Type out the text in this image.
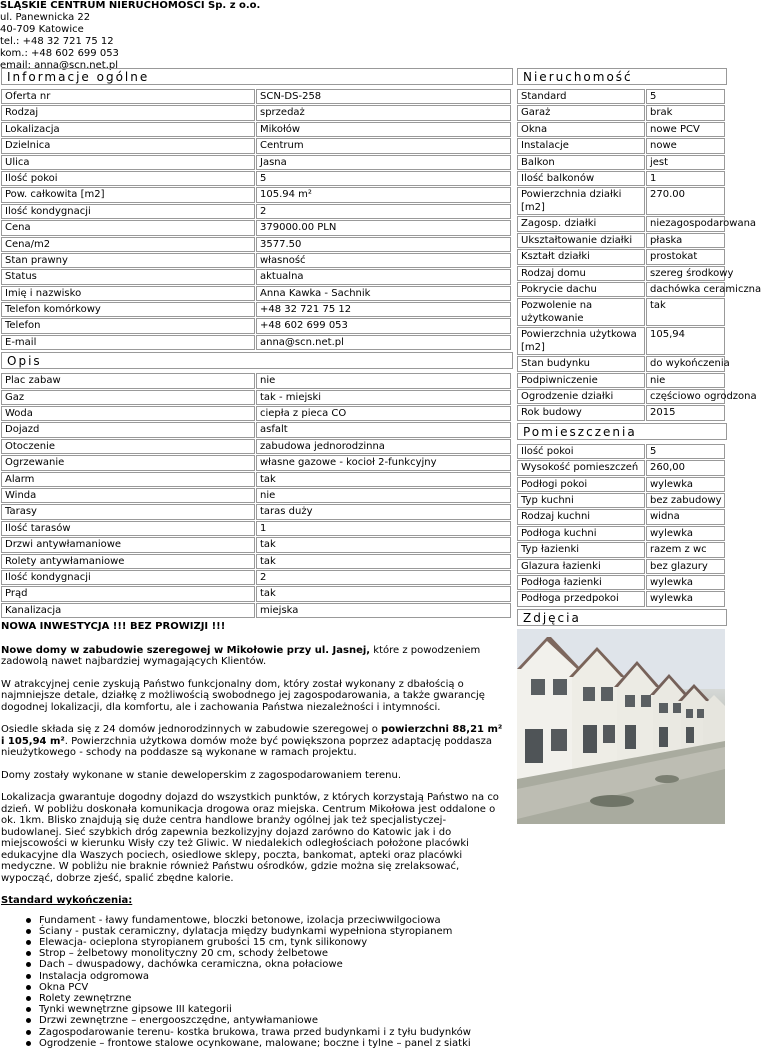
ŚLĄSKIE CENTRUM NIERUCHOMOŚCI Sp. z o.o.
ul. Panewnicka 22
40-709 Katowice
tel.: +48 32 721 75 12
kom.: +48 602 699 053
email: anna@scn.net.pl
Informacje ogólne
Oferta nr	SCN-DS-258
Rodzaj	sprzedaż
Lokalizacja	Mikołów
Dzielnica	Centrum
Ulica	Jasna
Ilość pokoi	5
Pow. całkowita [m2]	105.94 m²
Ilość kondygnacji	2
Cena	379000.00 PLN
Cena/m2	3577.50
Stan prawny	własność
Status	aktualna
Imię i nazwisko	Anna Kawka - Sachnik
Telefon komórkowy	+48 32 721 75 12
Telefon	+48 602 699 053
E-mail	anna@scn.net.pl
Opis
Plac zabaw	nie
Gaz	tak - miejski
Woda	ciepła z pieca CO
Dojazd	asfalt
Otoczenie	zabudowa jednorodzinna
Ogrzewanie	własne gazowe - kocioł 2-funkcyjny
Alarm	tak
Winda	nie
Tarasy	taras duży
Ilość tarasów	1
Drzwi antywłamaniowe	tak
Rolety antywłamaniowe	tak
Ilość kondygnacji	2
Prąd	tak
Kanalizacja	miejska

NOWA INWESTYCJA !!! BEZ PROWIZJI !!!

Nowe domy w zabudowie szeregowej w Mikołowie przy ul. Jasnej, które z powodzeniem zadowolą nawet najbardziej wymagających Klientów.

W atrakcyjnej cenie zyskują Państwo funkcjonalny dom, który został wykonany z dbałością o najmniejsze detale, działkę z możliwością swobodnego jej zagospodarowania, a także gwarancję dogodnej lokalizacji, dla komfortu, ale i zachowania Państwa niezależności i intymności.

Osiedle składa się z 24 domów jednorodzinnych w zabudowie szeregowej o powierzchni 88,21 m² i 105,94 m². Powierzchnia użytkowa domów może być powiększona poprzez adaptację poddasza nieużytkowego - schody na poddasze są wykonane w ramach projektu.

Domy zostały wykonane w stanie deweloperskim z zagospodarowaniem terenu.

Lokalizacja gwarantuje dogodny dojazd do wszystkich punktów, z których korzystają Państwo na co dzień. W pobliżu doskonała komunikacja drogowa oraz miejska. Centrum Mikołowa jest oddalone o ok. 1km. Blisko znajdują się duże centra handlowe branży ogólnej jak też specjalistyczej- budowlanej. Sieć szybkich dróg zapewnia bezkolizyjny dojazd zarówno do Katowic jak i do miejscowości w kierunku Wisły czy też Gliwic. W niedalekich odległościach położone placówki edukacyjne dla Waszych pociech, osiedlowe sklepy, poczta, bankomat, apteki oraz placówki medyczne. W pobliżu nie braknie również Państwu ośrodków, gdzie można się zrelaksować, wypocząć, dobrze zjeść, spalić zbędne kalorie.

Standard wykończenia:

Fundament - ławy fundamentowe, bloczki betonowe, izolacja przeciwwilgociowa
Ściany - pustak ceramiczny, dylatacja między budynkami wypełniona styropianem
Elewacja- ocieplona styropianem grubości 15 cm, tynk silikonowy
Strop – żelbetowy monolityczny 20 cm, schody żelbetowe
Dach – dwuspadowy, dachówka ceramiczna, okna połaciowe
Instalacja odgromowa
Okna PCV
Rolety zewnętrzne
Tynki wewnętrzne gipsowe III kategorii
Drzwi zewnętrzne – energooszczędne, antywłamaniowe
Zagospodarowanie terenu- kostka brukowa, trawa przed budynkami i z tyłu budynków
Ogrodzenie – frontowe stalowe ocynkowane, malowane; boczne i tylne – panel z siatki
Nieruchomość
Standard	5
Garaż	brak
Okna	nowe PCV
Instalacje	nowe
Balkon	jest
Ilość balkonów	1
Powierzchnia działki [m2]	270.00
Zagosp. działki	niezagospodarowana
Ukształtowanie działki	płaska
Kształt działki	prostokat
Rodzaj domu	szereg środkowy
Pokrycie dachu	dachówka ceramiczna
Pozwolenie na użytkowanie	tak
Powierzchnia użytkowa [m2]	105,94
Stan budynku	do wykończenia
Podpiwniczenie	nie
Ogrodzenie działki	częściowo ogrodzona
Rok budowy	2015
Pomieszczenia
Ilość pokoi	5
Wysokość pomieszczeń	260,00
Podłogi pokoi	wylewka
Typ kuchni	bez zabudowy
Rodzaj kuchni	widna
Podłoga kuchni	wylewka
Typ łazienki	razem z wc
Glazura łazienki	bez glazury
Podłoga łazienki	wylewka
Podłoga przedpokoi	wylewka
Zdjęcia
